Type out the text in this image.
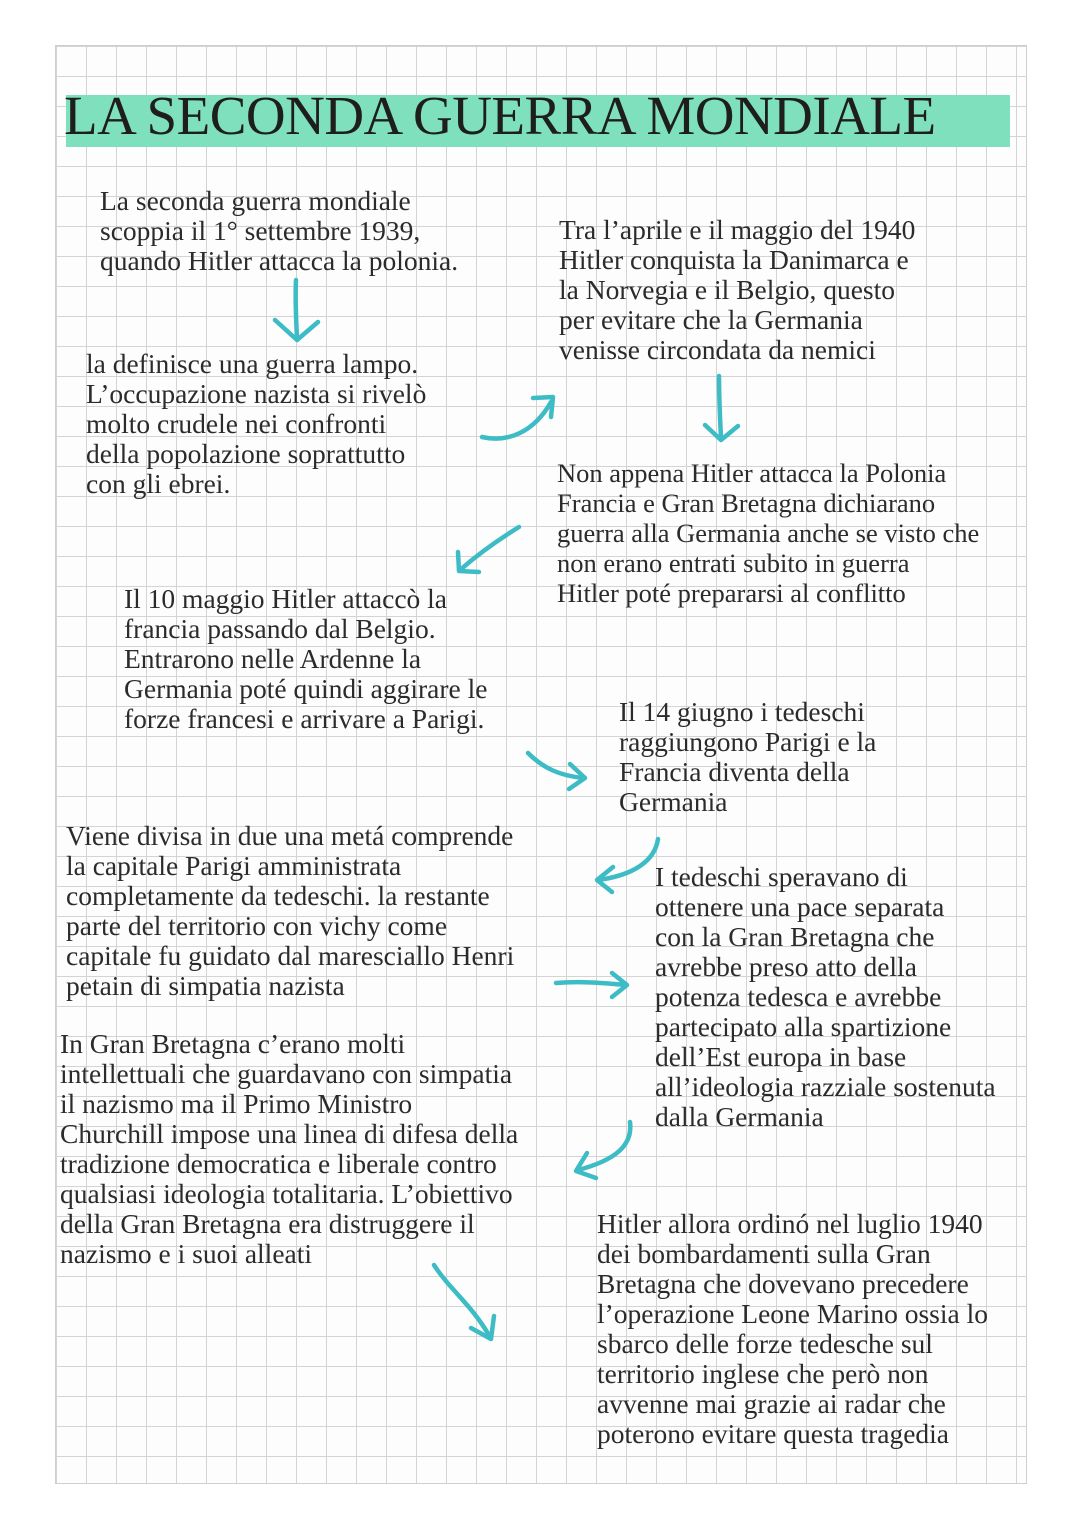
LA SECONDA GUERRA MONDIALE
La seconda guerra mondiale
scoppia il 1° settembre 1939,
quando Hitler attacca la polonia.
la definisce una guerra lampo.
L’occupazione nazista si rivelò
molto crudele nei confronti
della popolazione soprattutto
con gli ebrei.
Tra l’aprile e il maggio del 1940
Hitler conquista la Danimarca e
la Norvegia e il Belgio, questo
per evitare che la Germania
venisse circondata da nemici
Non appena Hitler attacca la Polonia
Francia e Gran Bretagna dichiarano
guerra alla Germania anche se visto che
non erano entrati subito in guerra
Hitler poté prepararsi al conflitto
Il 10 maggio Hitler attaccò la
francia passando dal Belgio.
Entrarono nelle Ardenne la
Germania poté quindi aggirare le
forze francesi e arrivare a Parigi.	Il 14 giugno i tedeschi
raggiungono Parigi e la
Francia diventa della
Germania
Viene divisa in due una metá comprende
la capitale Parigi amministrata
completamente da tedeschi. la restante
parte del territorio con vichy come
capitale fu guidato dal maresciallo Henri
petain di simpatia nazista
I tedeschi speravano di
ottenere una pace separata
con la Gran Bretagna che
avrebbe preso atto della
potenza tedesca e avrebbe
partecipato alla spartizione
dell’Est europa in base
all’ideologia razziale sostenuta
dalla Germania
In Gran Bretagna c’erano molti
intellettuali che guardavano con simpatia
il nazismo ma il Primo Ministro
Churchill impose una linea di difesa della
tradizione democratica e liberale contro
qualsiasi ideologia totalitaria. L’obiettivo
della Gran Bretagna era distruggere il
nazismo e i suoi alleati
Hitler allora ordinó nel luglio 1940
dei bombardamenti sulla Gran
Bretagna che dovevano precedere
l’operazione Leone Marino ossia lo
sbarco delle forze tedesche sul
territorio inglese che però non
avvenne mai grazie ai radar che
poterono evitare questa tragedia
